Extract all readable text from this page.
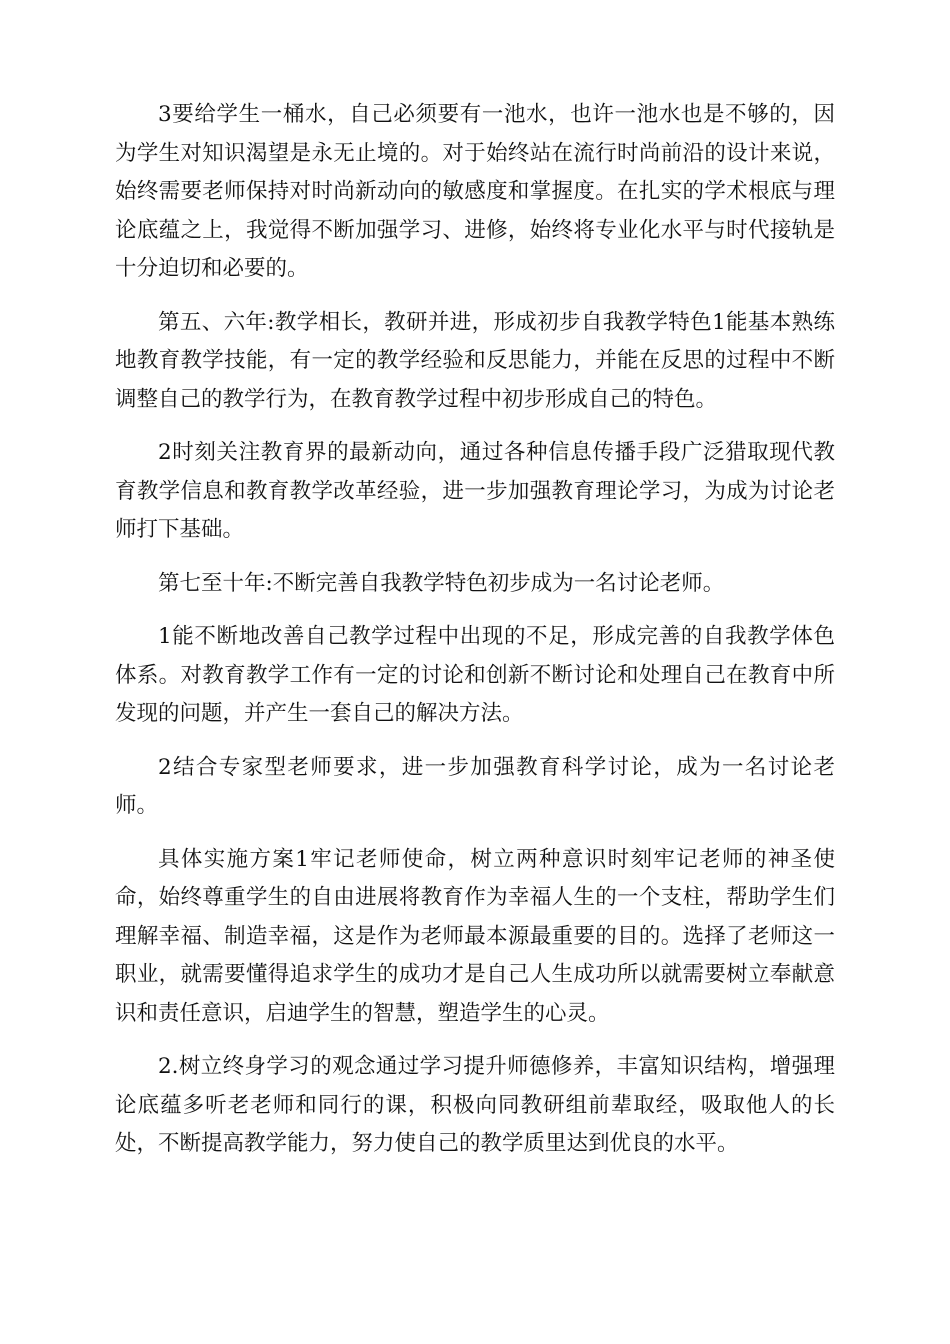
3要给学生一桶水，自己必须要有一池水，也许一池水也是不够的，因为学生对知识渴望是永无止境的。对于始终站在流行时尚前沿的设计来说，始终需要老师保持对时尚新动向的敏感度和掌握度。在扎实的学术根底与理论底蕴之上，我觉得不断加强学习、进修，始终将专业化水平与时代接轨是十分迫切和必要的。

第五、六年:教学相长，教研并进，形成初步自我教学特色1能基本熟练地教育教学技能，有一定的教学经验和反思能力，并能在反思的过程中不断调整自己的教学行为，在教育教学过程中初步形成自己的特色。

2时刻关注教育界的最新动向，通过各种信息传播手段广泛猎取现代教育教学信息和教育教学改革经验，进一步加强教育理论学习，为成为讨论老师打下基础。

第七至十年:不断完善自我教学特色初步成为一名讨论老师。

1能不断地改善自己教学过程中出现的不足，形成完善的自我教学体色体系。对教育教学工作有一定的讨论和创新不断讨论和处理自己在教育中所发现的问题，并产生一套自己的解决方法。

2结合专家型老师要求，进一步加强教育科学讨论，成为一名讨论老师。

具体实施方案1牢记老师使命，树立两种意识时刻牢记老师的神圣使命，始终尊重学生的自由进展将教育作为幸福人生的一个支柱，帮助学生们理解幸福、制造幸福，这是作为老师最本源最重要的目的。选择了老师这一职业，就需要懂得追求学生的成功才是自己人生成功所以就需要树立奉献意识和责任意识，启迪学生的智慧，塑造学生的心灵。

2.树立终身学习的观念通过学习提升师德修养，丰富知识结构，增强理论底蕴多听老老师和同行的课，积极向同教研组前辈取经，吸取他人的长处，不断提高教学能力，努力使自己的教学质里达到优良的水平。
